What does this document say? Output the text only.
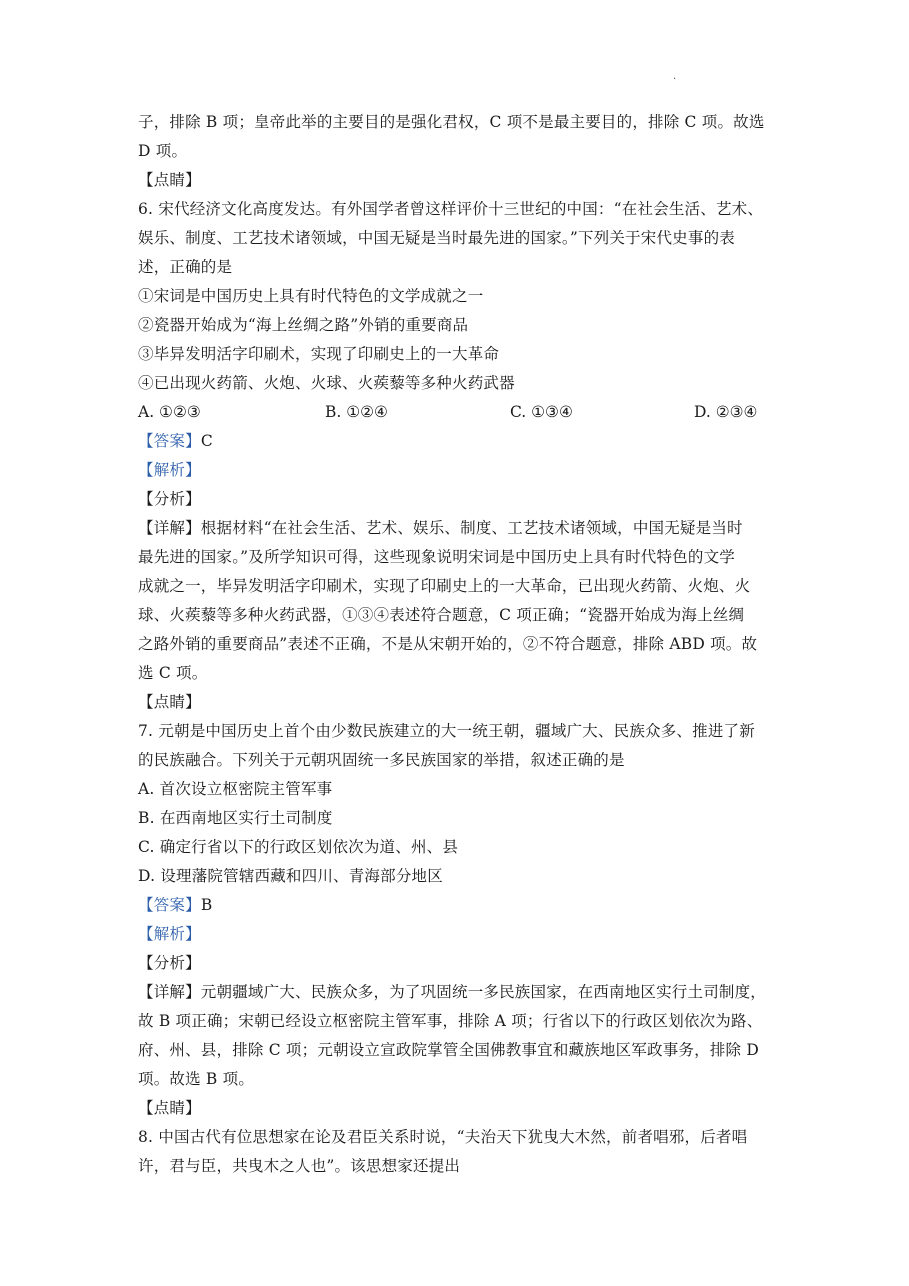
·
子，排除 B 项；皇帝此举的主要目的是强化君权，C 项不是最主要目的，排除 C 项。故选
D 项。
【点睛】
6. 宋代经济文化高度发达。有外国学者曾这样评价十三世纪的中国：“在社会生活、艺术、
娱乐、制度、工艺技术诸领域，中国无疑是当时最先进的国家。”下列关于宋代史事的表
述，正确的是
①宋词是中国历史上具有时代特色的文学成就之一
②瓷器开始成为“海上丝绸之路”外销的重要商品
③毕异发明活字印刷术，实现了印刷史上的一大革命
④已出现火药箭、火炮、火球、火蒺藜等多种火药武器
A. ①②③	B. ①②④	C. ①③④	D. ②③④
【答案】C
【解析】
【分析】
【详解】根据材料“在社会生活、艺术、娱乐、制度、工艺技术诸领域，中国无疑是当时
最先进的国家。”及所学知识可得，这些现象说明宋词是中国历史上具有时代特色的文学
成就之一，毕异发明活字印刷术，实现了印刷史上的一大革命，已出现火药箭、火炮、火
球、火蒺藜等多种火药武器，①③④表述符合题意，C 项正确；“瓷器开始成为海上丝绸
之路外销的重要商品”表述不正确，不是从宋朝开始的，②不符合题意，排除 ABD 项。故
选 C 项。
【点睛】
7. 元朝是中国历史上首个由少数民族建立的大一统王朝，疆域广大、民族众多、推进了新
的民族融合。下列关于元朝巩固统一多民族国家的举措，叙述正确的是
A. 首次设立枢密院主管军事
B. 在西南地区实行土司制度
C. 确定行省以下的行政区划依次为道、州、县
D. 设理藩院管辖西藏和四川、青海部分地区
【答案】B
【解析】
【分析】
【详解】元朝疆域广大、民族众多，为了巩固统一多民族国家，在西南地区实行土司制度，
故 B 项正确；宋朝已经设立枢密院主管军事，排除 A 项；行省以下的行政区划依次为路、
府、州、县，排除 C 项；元朝设立宣政院掌管全国佛教事宜和藏族地区军政事务，排除 D
项。故选 B 项。
【点睛】
8. 中国古代有位思想家在论及君臣关系时说，“夫治天下犹曳大木然，前者唱邪，后者唱
许，君与臣，共曳木之人也”。该思想家还提出
